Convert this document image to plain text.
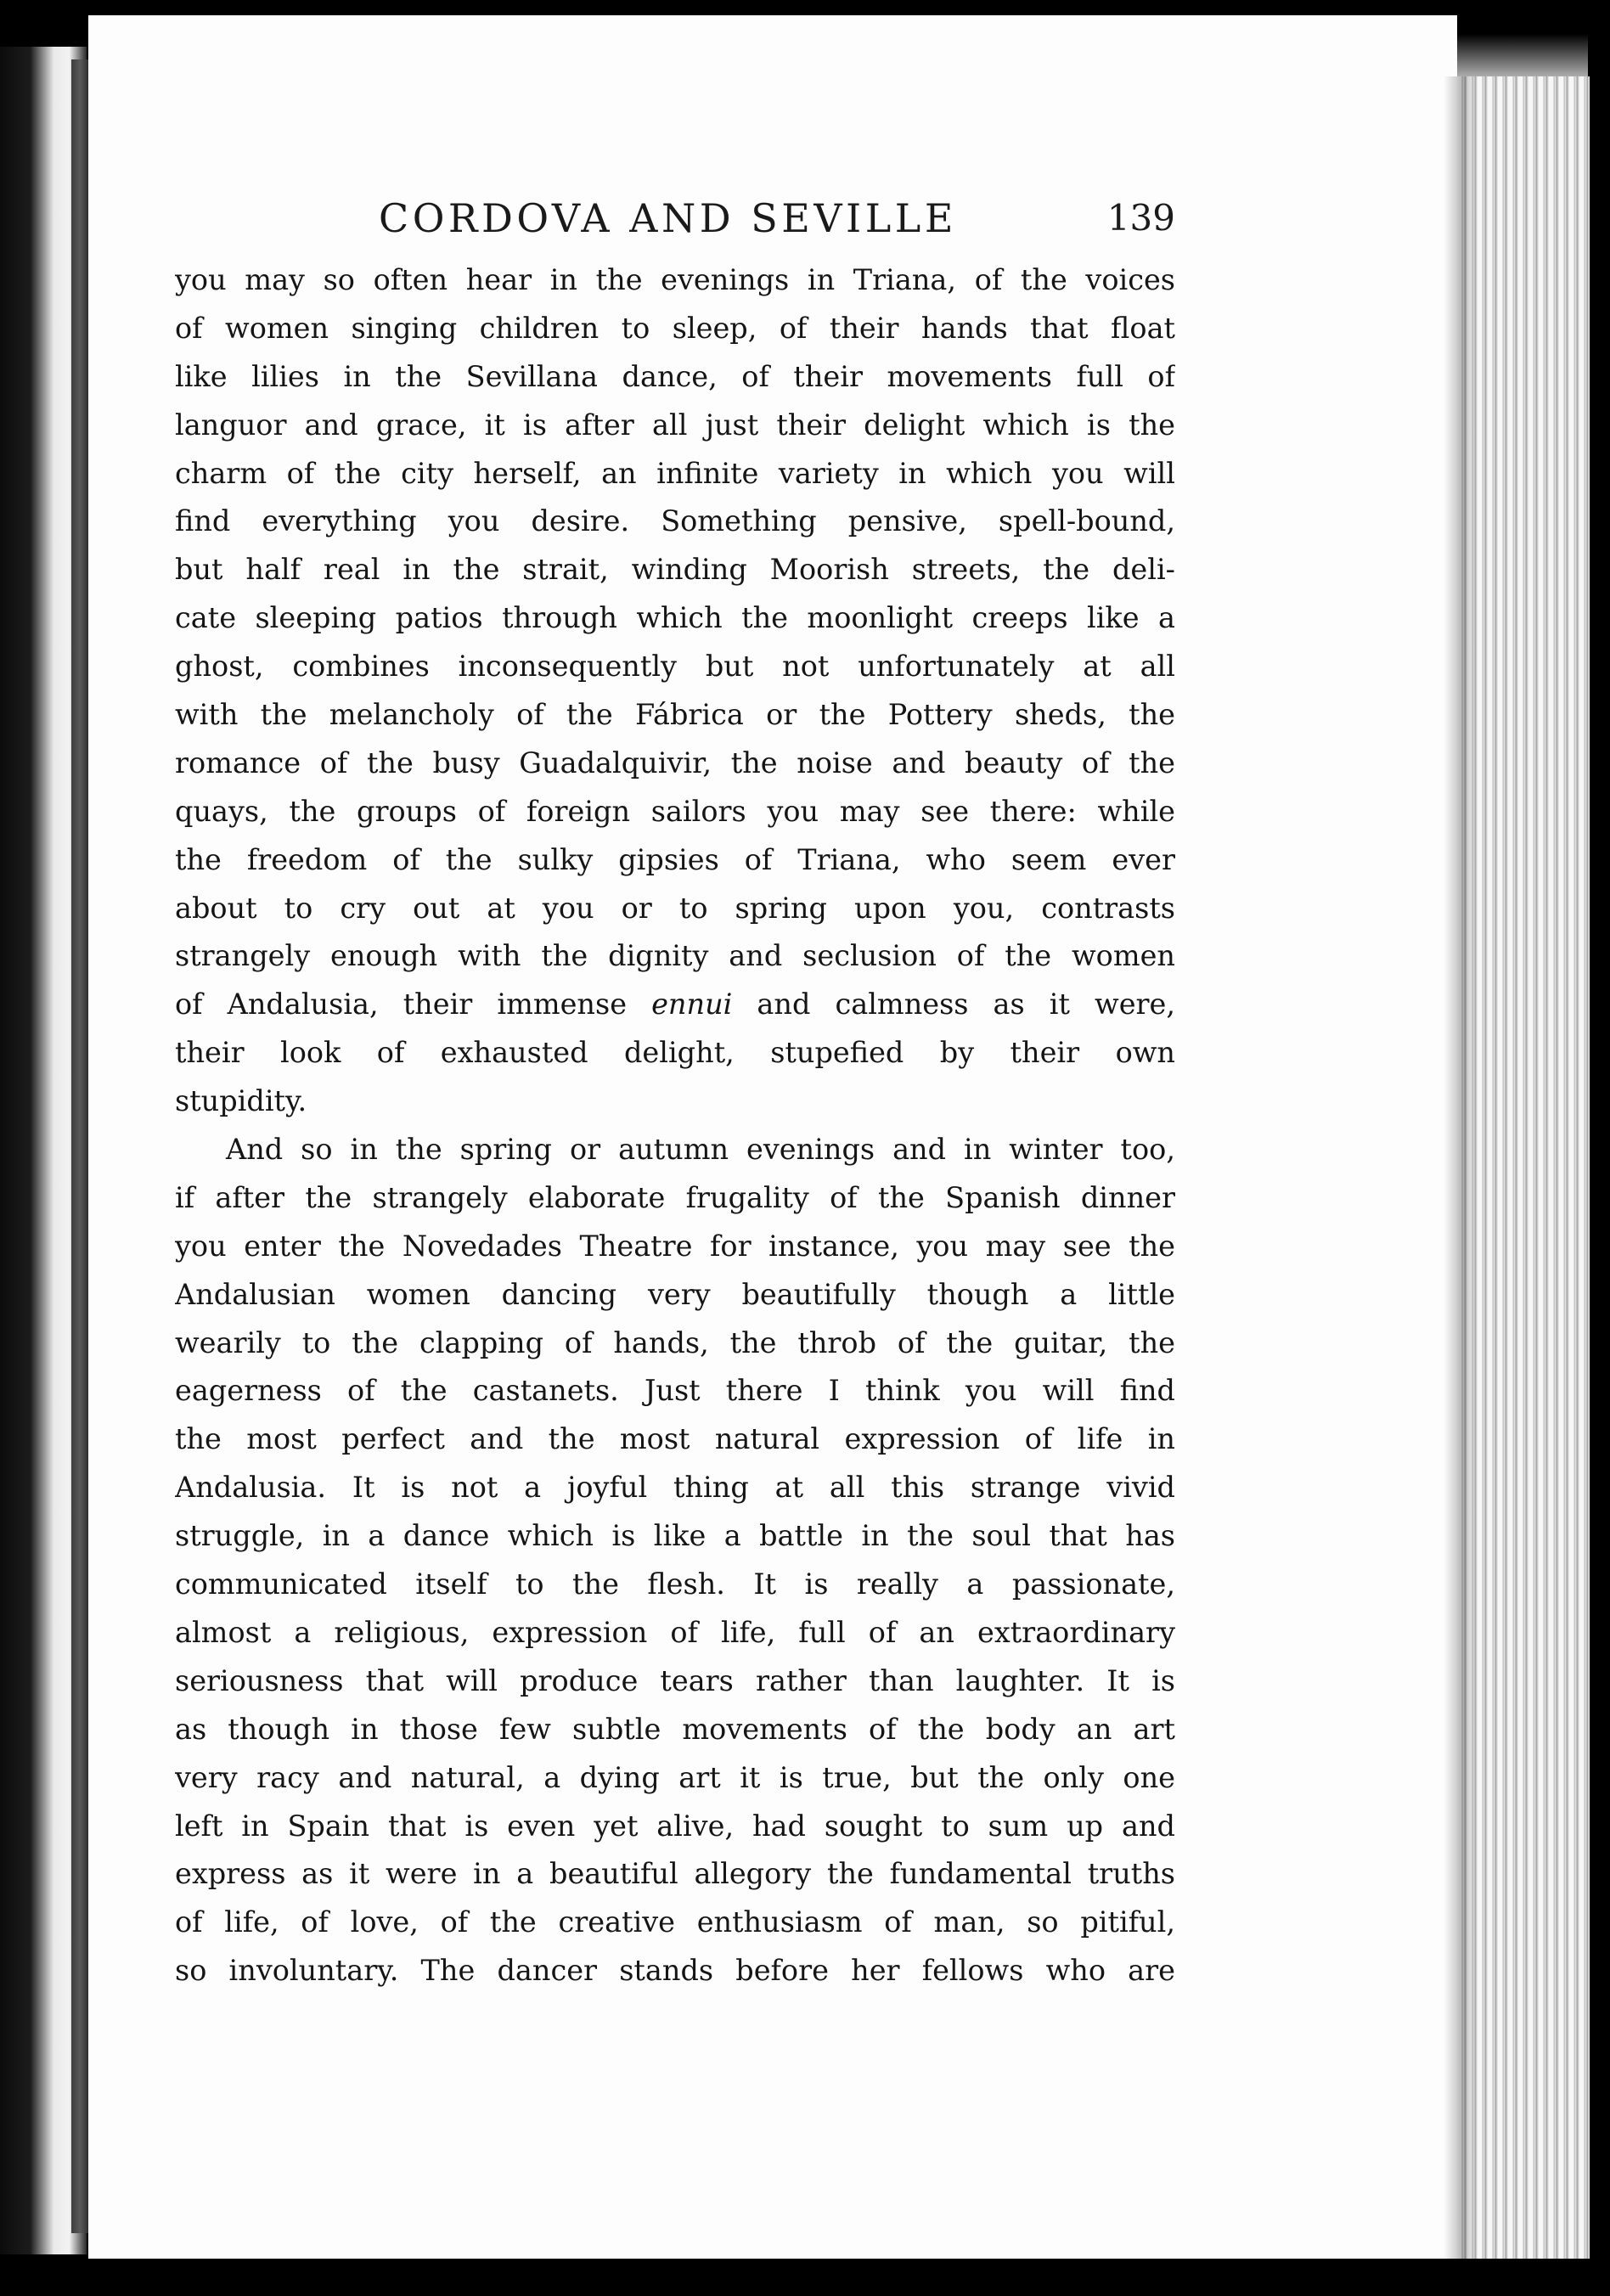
CORDOVA AND SEVILLE	139
you may so often hear in the evenings in Triana, of the voices
of women singing children to sleep, of their hands that float
like lilies in the Sevillana dance, of their movements full of
languor and grace, it is after all just their delight which is the
charm of the city herself, an infinite variety in which you will
find everything you desire. Something pensive, spell-bound,
but half real in the strait, winding Moorish streets, the deli-
cate sleeping patios through which the moonlight creeps like a
ghost, combines inconsequently but not unfortunately at all
with the melancholy of the Fábrica or the Pottery sheds, the
romance of the busy Guadalquivir, the noise and beauty of the
quays, the groups of foreign sailors you may see there: while
the freedom of the sulky gipsies of Triana, who seem ever
about to cry out at you or to spring upon you, contrasts
strangely enough with the dignity and seclusion of the women
of Andalusia, their immense ennui and calmness as it were,
their look of exhausted delight, stupefied by their own
stupidity.
And so in the spring or autumn evenings and in winter too,
if after the strangely elaborate frugality of the Spanish dinner
you enter the Novedades Theatre for instance, you may see the
Andalusian women dancing very beautifully though a little
wearily to the clapping of hands, the throb of the guitar, the
eagerness of the castanets. Just there I think you will find
the most perfect and the most natural expression of life in
Andalusia. It is not a joyful thing at all this strange vivid
struggle, in a dance which is like a battle in the soul that has
communicated itself to the flesh. It is really a passionate,
almost a religious, expression of life, full of an extraordinary
seriousness that will produce tears rather than laughter. It is
as though in those few subtle movements of the body an art
very racy and natural, a dying art it is true, but the only one
left in Spain that is even yet alive, had sought to sum up and
express as it were in a beautiful allegory the fundamental truths
of life, of love, of the creative enthusiasm of man, so pitiful,
so involuntary. The dancer stands before her fellows who are
